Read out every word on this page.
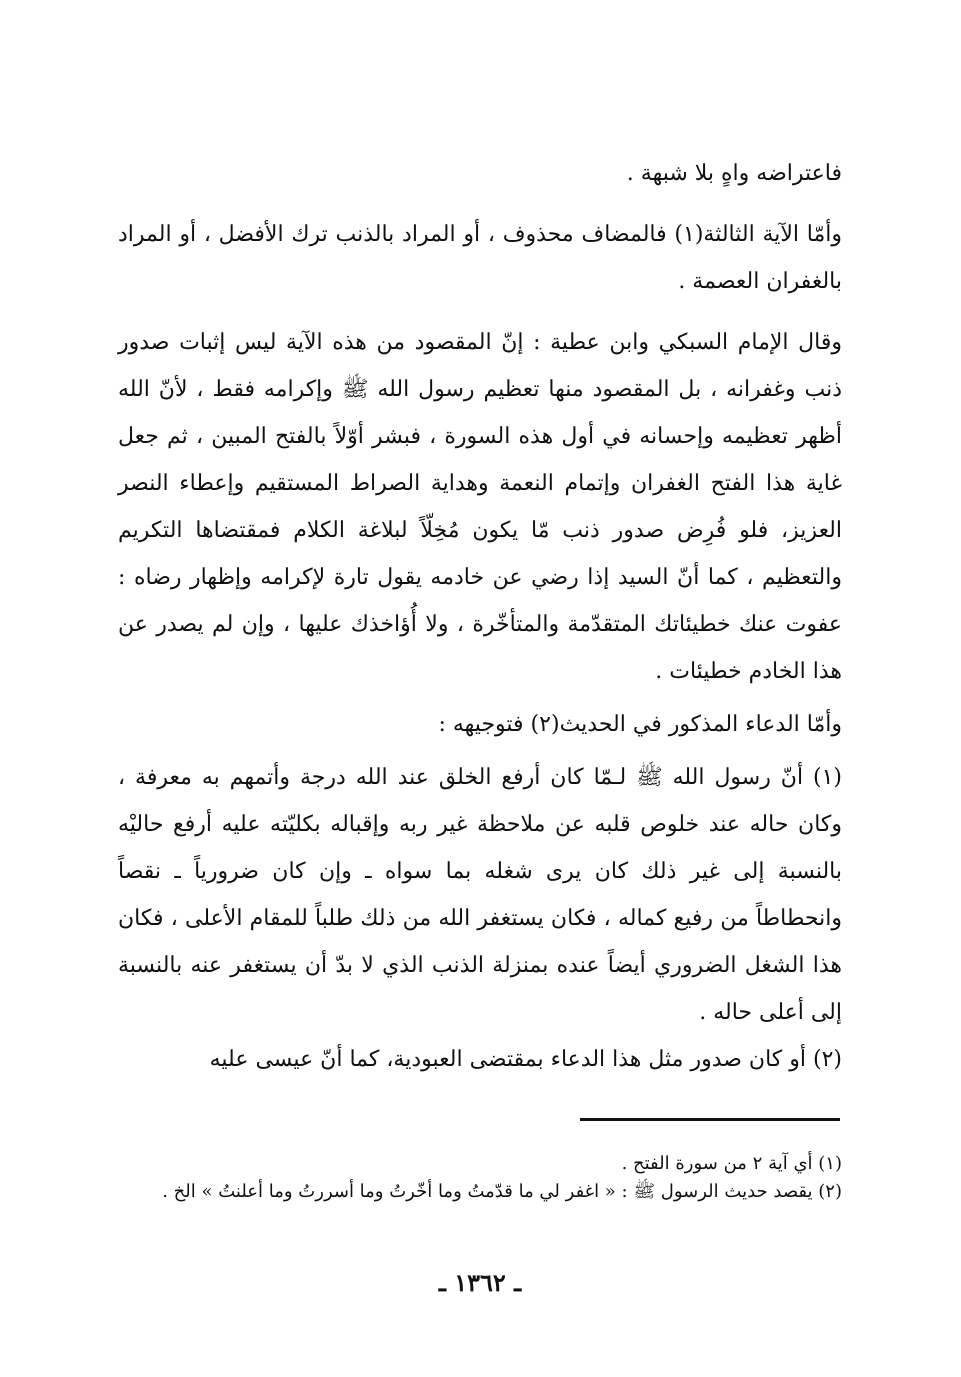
فاعتراضه واهٍ بلا شبهة .

وأمّا الآية الثالثة(١) فالمضاف محذوف ، أو المراد بالذنب ترك الأفضل ، أو المراد بالغفران العصمة .

وقال الإمام السبكي وابن عطية : إنّ المقصود من هذه الآية ليس إثبات صدور ذنب وغفرانه ، بل المقصود منها تعظيم رسول الله ﷺ وإكرامه فقط ، لأنّ الله أظهر تعظيمه وإحسانه في أول هذه السورة ، فبشر أوّلاً بالفتح المبين ، ثم جعل غاية هذا الفتح الغفران وإتمام النعمة وهداية الصراط المستقيم وإعطاء النصر العزيز، فلو فُرِض صدور ذنب مّا يكون مُخِلّاً لبلاغة الكلام فمقتضاها التكريم والتعظيم ، كما أنّ السيد إذا رضي عن خادمه يقول تارة لإكرامه وإظهار رضاه : عفوت عنك خطيئاتك المتقدّمة والمتأخّرة ، ولا أُؤاخذك عليها ، وإن لم يصدر عن هذا الخادم خطيئات .

وأمّا الدعاء المذكور في الحديث(٢) فتوجيهه :

(١) أنّ رسول الله ﷺ لـمّا كان أرفع الخلق عند الله درجة وأتمهم به معرفة ، وكان حاله عند خلوص قلبه عن ملاحظة غير ربه وإقباله بكليّته عليه أرفع حاليْه بالنسبة إلى غير ذلك كان يرى شغله بما سواه ـ وإن كان ضرورياً ـ نقصاً وانحطاطاً من رفيع كماله ، فكان يستغفر الله من ذلك طلباً للمقام الأعلى ، فكان هذا الشغل الضروري أيضاً عنده بمنزلة الذنب الذي لا بدّ أن يستغفر عنه بالنسبة إلى أعلى حاله .

(٢) أو كان صدور مثل هذا الدعاء بمقتضى العبودية، كما أنّ عيسى عليه

(١) أي آية ٢ من سورة الفتح .

(٢) يقصد حديث الرسول ﷺ : « اغفر لي ما قدّمتُ وما أخّرتُ وما أسررتُ وما أعلنتُ » الخ .

ـ ١٣٦٢ ـ
